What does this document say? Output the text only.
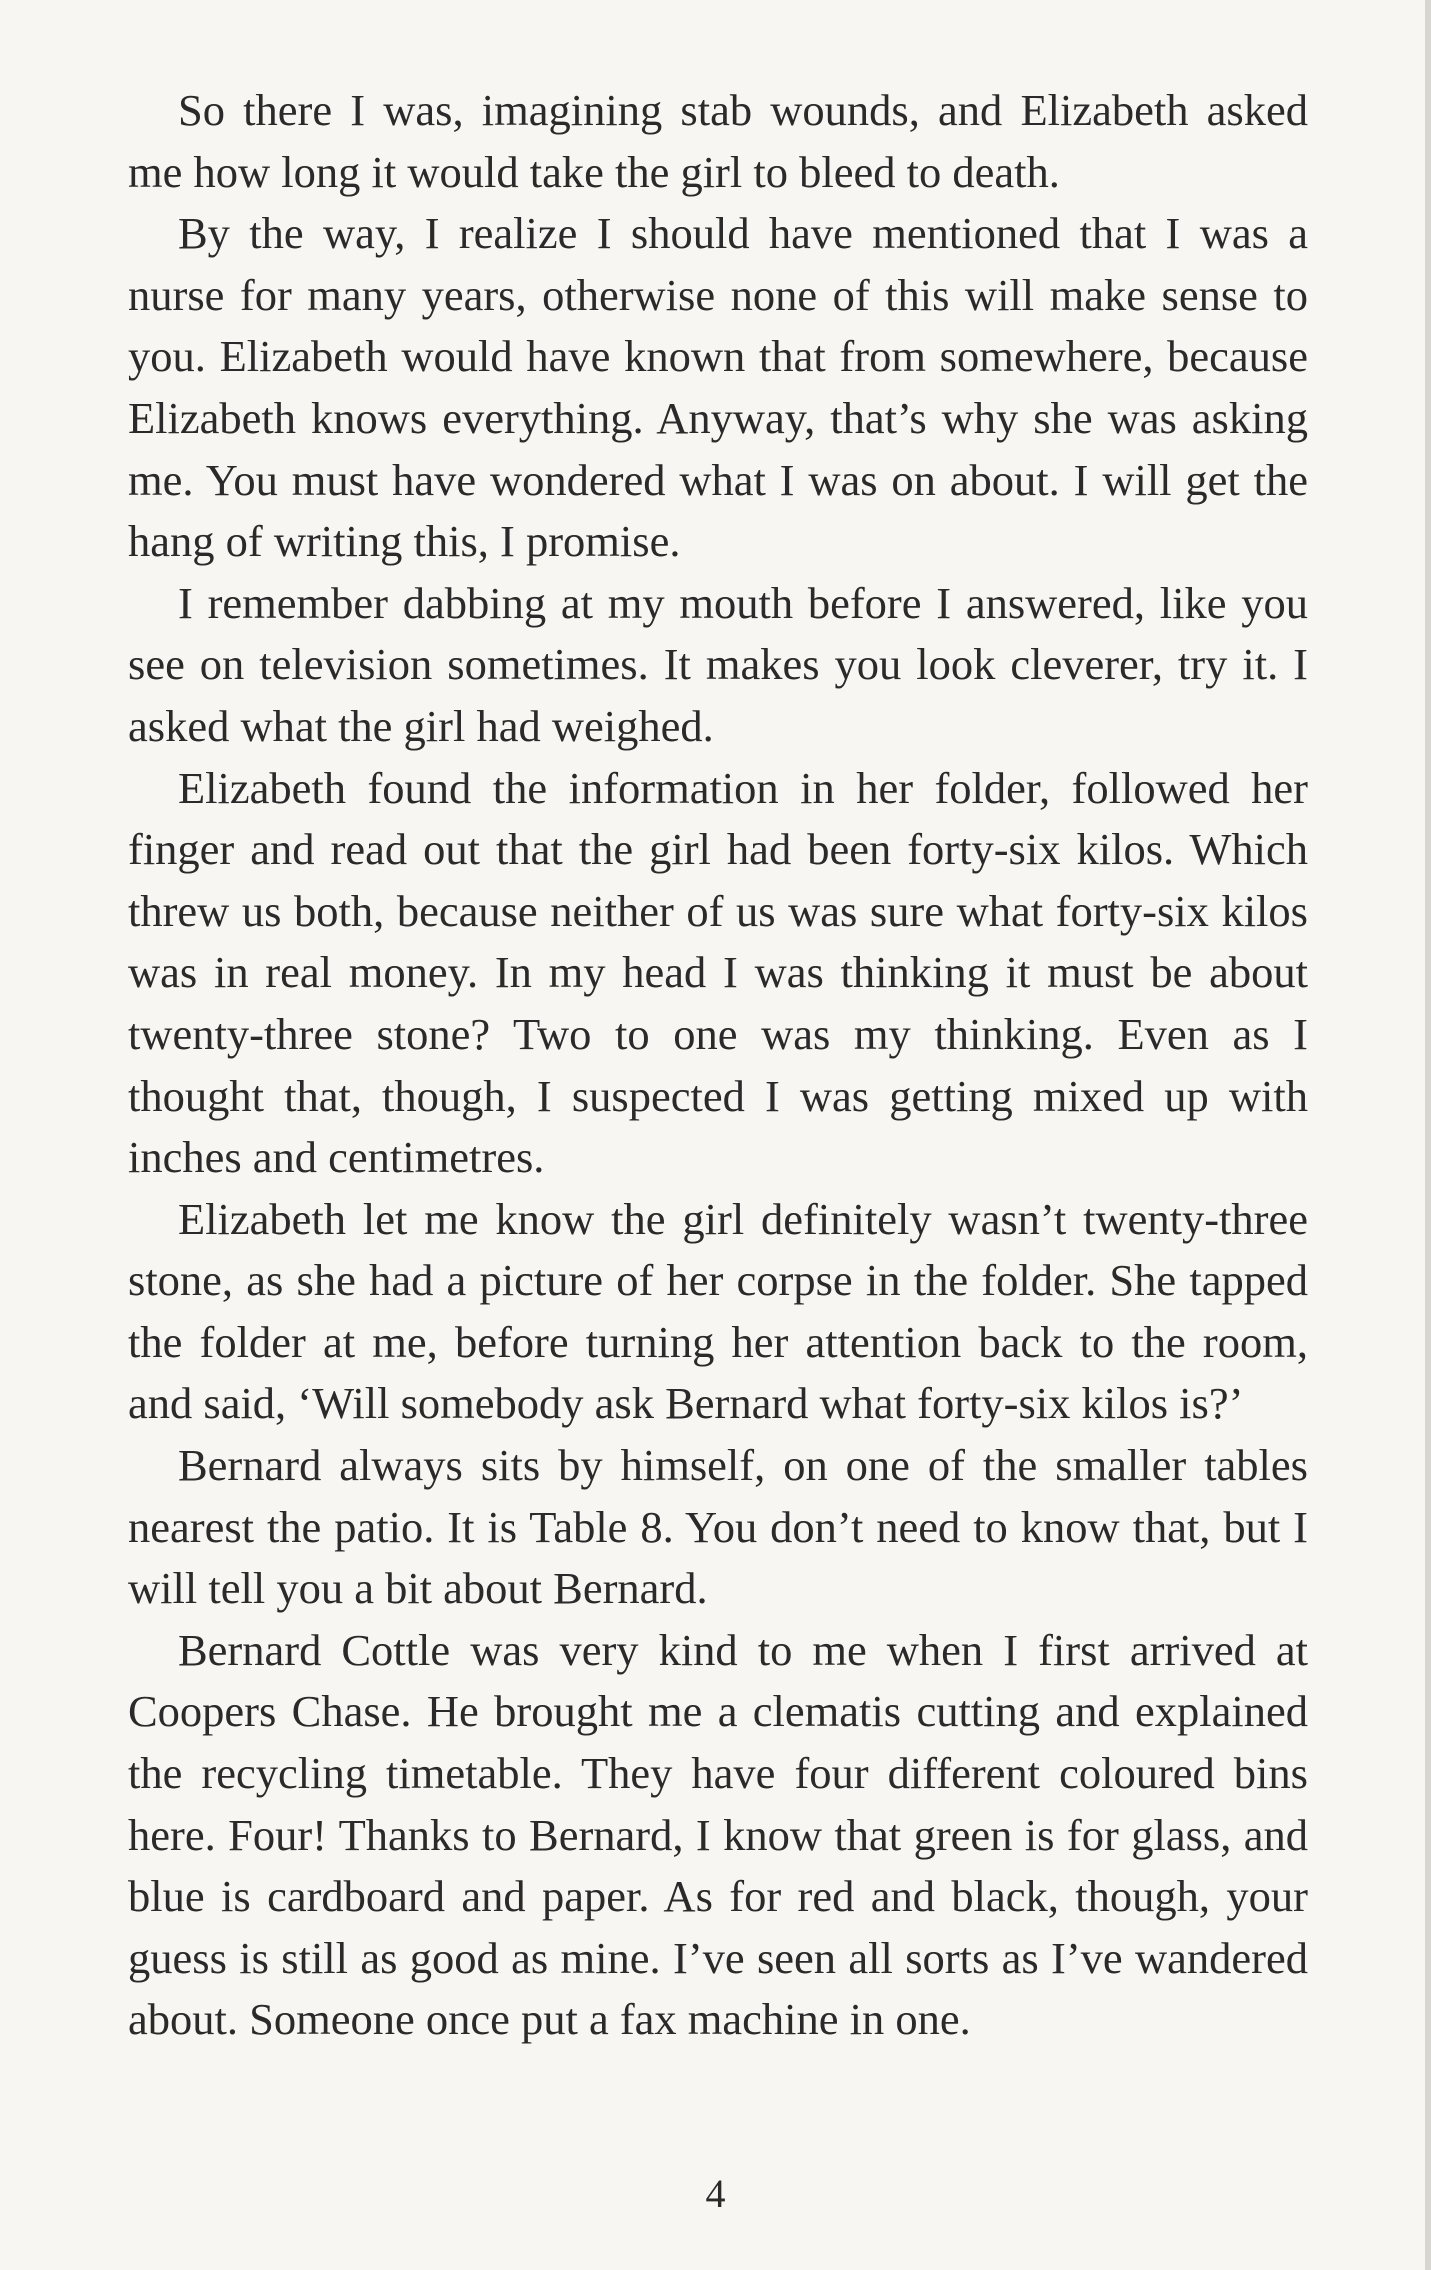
So there I was, imagining stab wounds, and Elizabeth asked me how long it would take the girl to bleed to death.

By the way, I realize I should have mentioned that I was a nurse for many years, otherwise none of this will make sense to you. Elizabeth would have known that from somewhere, because Elizabeth knows everything. Anyway, that’s why she was asking me. You must have wondered what I was on about. I will get the hang of writing this, I promise.

I remember dabbing at my mouth before I answered, like you see on television sometimes. It makes you look cleverer, try it. I asked what the girl had weighed.

Elizabeth found the information in her folder, followed her finger and read out that the girl had been forty-six kilos. Which threw us both, because neither of us was sure what forty-six kilos was in real money. In my head I was thinking it must be about twenty-three stone? Two to one was my thinking. Even as I thought that, though, I suspected I was getting mixed up with inches and centimetres.

Elizabeth let me know the girl definitely wasn’t twenty-three stone, as she had a picture of her corpse in the folder. She tapped the folder at me, before turning her attention back to the room, and said, ‘Will somebody ask Bernard what forty-six kilos is?’

Bernard always sits by himself, on one of the smaller tables nearest the patio. It is Table 8. You don’t need to know that, but I will tell you a bit about Bernard.

Bernard Cottle was very kind to me when I first arrived at Coopers Chase. He brought me a clematis cutting and explained the recycling timetable. They have four different coloured bins here. Four! Thanks to Bernard, I know that green is for glass, and blue is cardboard and paper. As for red and black, though, your guess is still as good as mine. I’ve seen all sorts as I’ve wandered about. Someone once put a fax machine in one.

4
